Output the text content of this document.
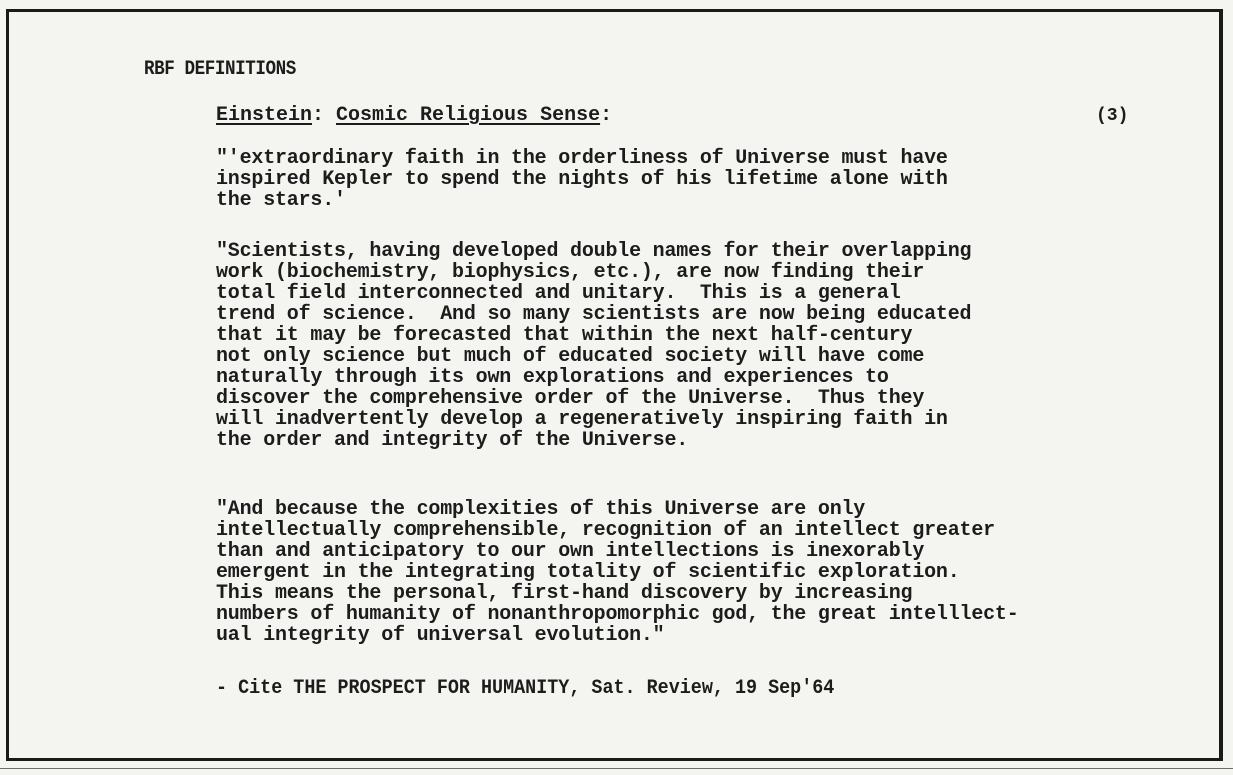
RBF DEFINITIONS
Einstein: Cosmic Religious Sense:	(3)
"'extraordinary faith in the orderliness of Universe must have
inspired Kepler to spend the nights of his lifetime alone with
the stars.'
"Scientists, having developed double names for their overlapping
work (biochemistry, biophysics, etc.), are now finding their
total field interconnected and unitary.  This is a general
trend of science.  And so many scientists are now being educated
that it may be forecasted that within the next half-century
not only science but much of educated society will have come
naturally through its own explorations and experiences to
discover the comprehensive order of the Universe.  Thus they
will inadvertently develop a regeneratively inspiring faith in
the order and integrity of the Universe.
"And because the complexities of this Universe are only
intellectually comprehensible, recognition of an intellect greater
than and anticipatory to our own intellections is inexorably
emergent in the integrating totality of scientific exploration.
This means the personal, first-hand discovery by increasing
numbers of humanity of nonanthropomorphic god, the great intelllect-
ual integrity of universal evolution."
- Cite THE PROSPECT FOR HUMANITY, Sat. Review, 19 Sep'64
